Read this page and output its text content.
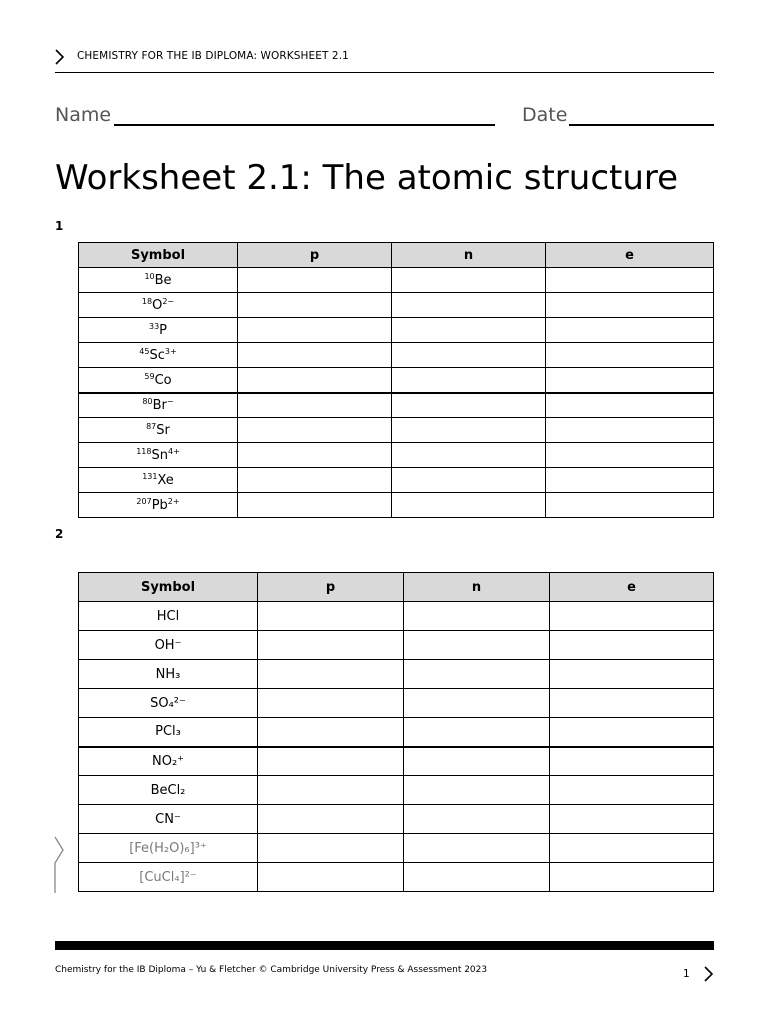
CHEMISTRY FOR THE IB DIPLOMA: WORKSHEET 2.1
Name	Date
Worksheet 2.1: The atomic structure
1
Symbol	p	n	e
$^{10}$Be			
$^{18}O^{2-}$			
$^{33}$P			
$^{45}Sc^{3+}$			
$^{59}$Co			
$^{80}$Br−			
$^{87}$Sr			
$^{118}Sn^{4+}$			
$^{131}$Xe			
$^{207}Pb^{2+}$			
2
Symbol	p	n	e
HCl			
OH⁻			
NH₃			
SO₄²⁻			
PCl₃			
NO₂⁺			
BeCl₂			
CN⁻			
[Fe(H₂O)₆]³⁺			
[CuCl₄]²⁻			
Chemistry for the IB Diploma – Yu & Fletcher © Cambridge University Press & Assessment 2023	1
